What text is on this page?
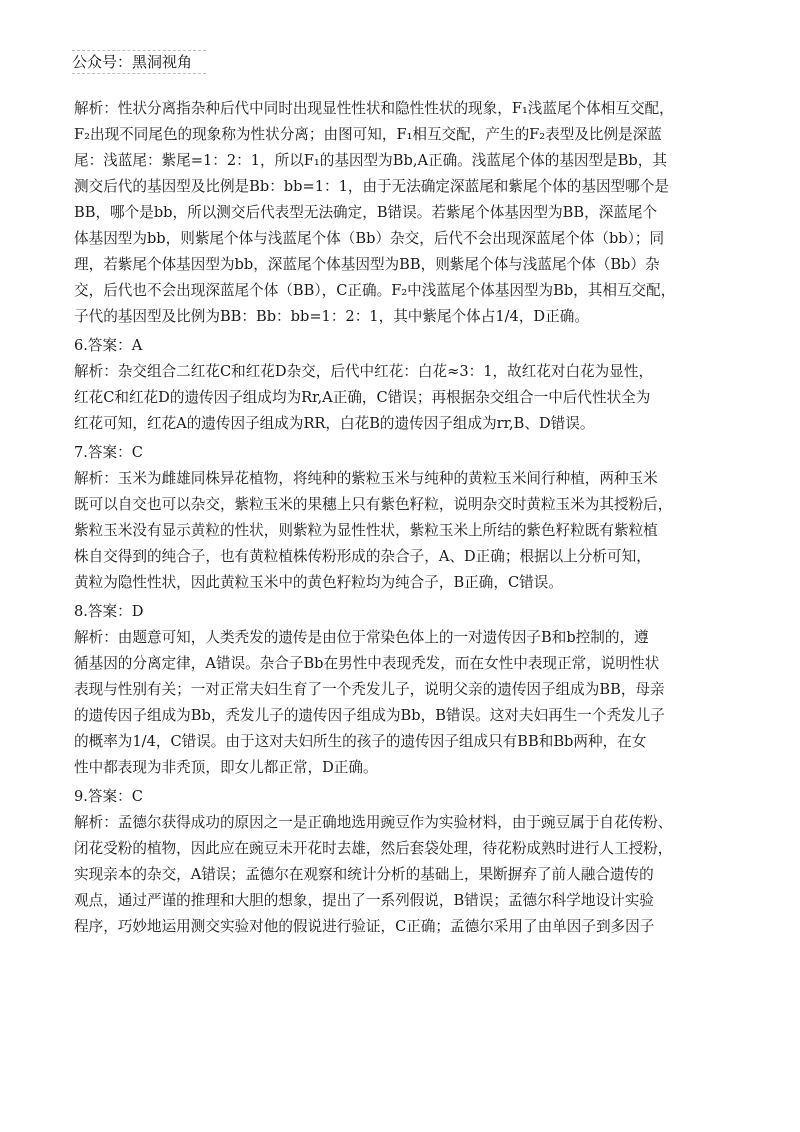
公众号：黑洞视角
解析：性状分离指杂种后代中同时出现显性性状和隐性性状的现象，F₁浅蓝尾个体相互交配，
F₂出现不同尾色的现象称为性状分离；由图可知，F₁相互交配，产生的F₂表型及比例是深蓝
尾：浅蓝尾：紫尾=1：2：1，所以F₁的基因型为Bb,A正确。浅蓝尾个体的基因型是Bb，其
测交后代的基因型及比例是Bb：bb=1：1，由于无法确定深蓝尾和紫尾个体的基因型哪个是
BB，哪个是bb，所以测交后代表型无法确定，B错误。若紫尾个体基因型为BB，深蓝尾个
体基因型为bb，则紫尾个体与浅蓝尾个体（Bb）杂交，后代不会出现深蓝尾个体（bb）；同
理，若紫尾个体基因型为bb，深蓝尾个体基因型为BB，则紫尾个体与浅蓝尾个体（Bb）杂
交，后代也不会出现深蓝尾个体（BB），C正确。F₂中浅蓝尾个体基因型为Bb，其相互交配，
子代的基因型及比例为BB：Bb：bb=1：2：1，其中紫尾个体占1/4，D正确。
6.答案：A
解析：杂交组合二红花C和红花D杂交，后代中红花：白花≈3：1，故红花对白花为显性，
红花C和红花D的遗传因子组成均为Rr,A正确，C错误；再根据杂交组合一中后代性状全为
红花可知，红花A的遗传因子组成为RR，白花B的遗传因子组成为rr,B、D错误。
7.答案：C
解析：玉米为雌雄同株异花植物，将纯种的紫粒玉米与纯种的黄粒玉米间行种植，两种玉米
既可以自交也可以杂交，紫粒玉米的果穗上只有紫色籽粒，说明杂交时黄粒玉米为其授粉后，
紫粒玉米没有显示黄粒的性状，则紫粒为显性性状，紫粒玉米上所结的紫色籽粒既有紫粒植
株自交得到的纯合子，也有黄粒植株传粉形成的杂合子，A、D正确；根据以上分析可知，
黄粒为隐性性状，因此黄粒玉米中的黄色籽粒均为纯合子，B正确，C错误。
8.答案：D
解析：由题意可知，人类秃发的遗传是由位于常染色体上的一对遗传因子B和b控制的，遵
循基因的分离定律，A错误。杂合子Bb在男性中表现秃发，而在女性中表现正常，说明性状
表现与性别有关；一对正常夫妇生育了一个秃发儿子，说明父亲的遗传因子组成为BB，母亲
的遗传因子组成为Bb，秃发儿子的遗传因子组成为Bb，B错误。这对夫妇再生一个秃发儿子
的概率为1/4，C错误。由于这对夫妇所生的孩子的遗传因子组成只有BB和Bb两种，在女
性中都表现为非秃顶，即女儿都正常，D正确。
9.答案：C
解析：孟德尔获得成功的原因之一是正确地选用豌豆作为实验材料，由于豌豆属于自花传粉、
闭花受粉的植物，因此应在豌豆未开花时去雄，然后套袋处理，待花粉成熟时进行人工授粉，
实现亲本的杂交，A错误；孟德尔在观察和统计分析的基础上，果断摒弃了前人融合遗传的
观点，通过严谨的推理和大胆的想象，提出了一系列假说，B错误；孟德尔科学地设计实验
程序，巧妙地运用测交实验对他的假说进行验证，C正确；孟德尔采用了由单因子到多因子
